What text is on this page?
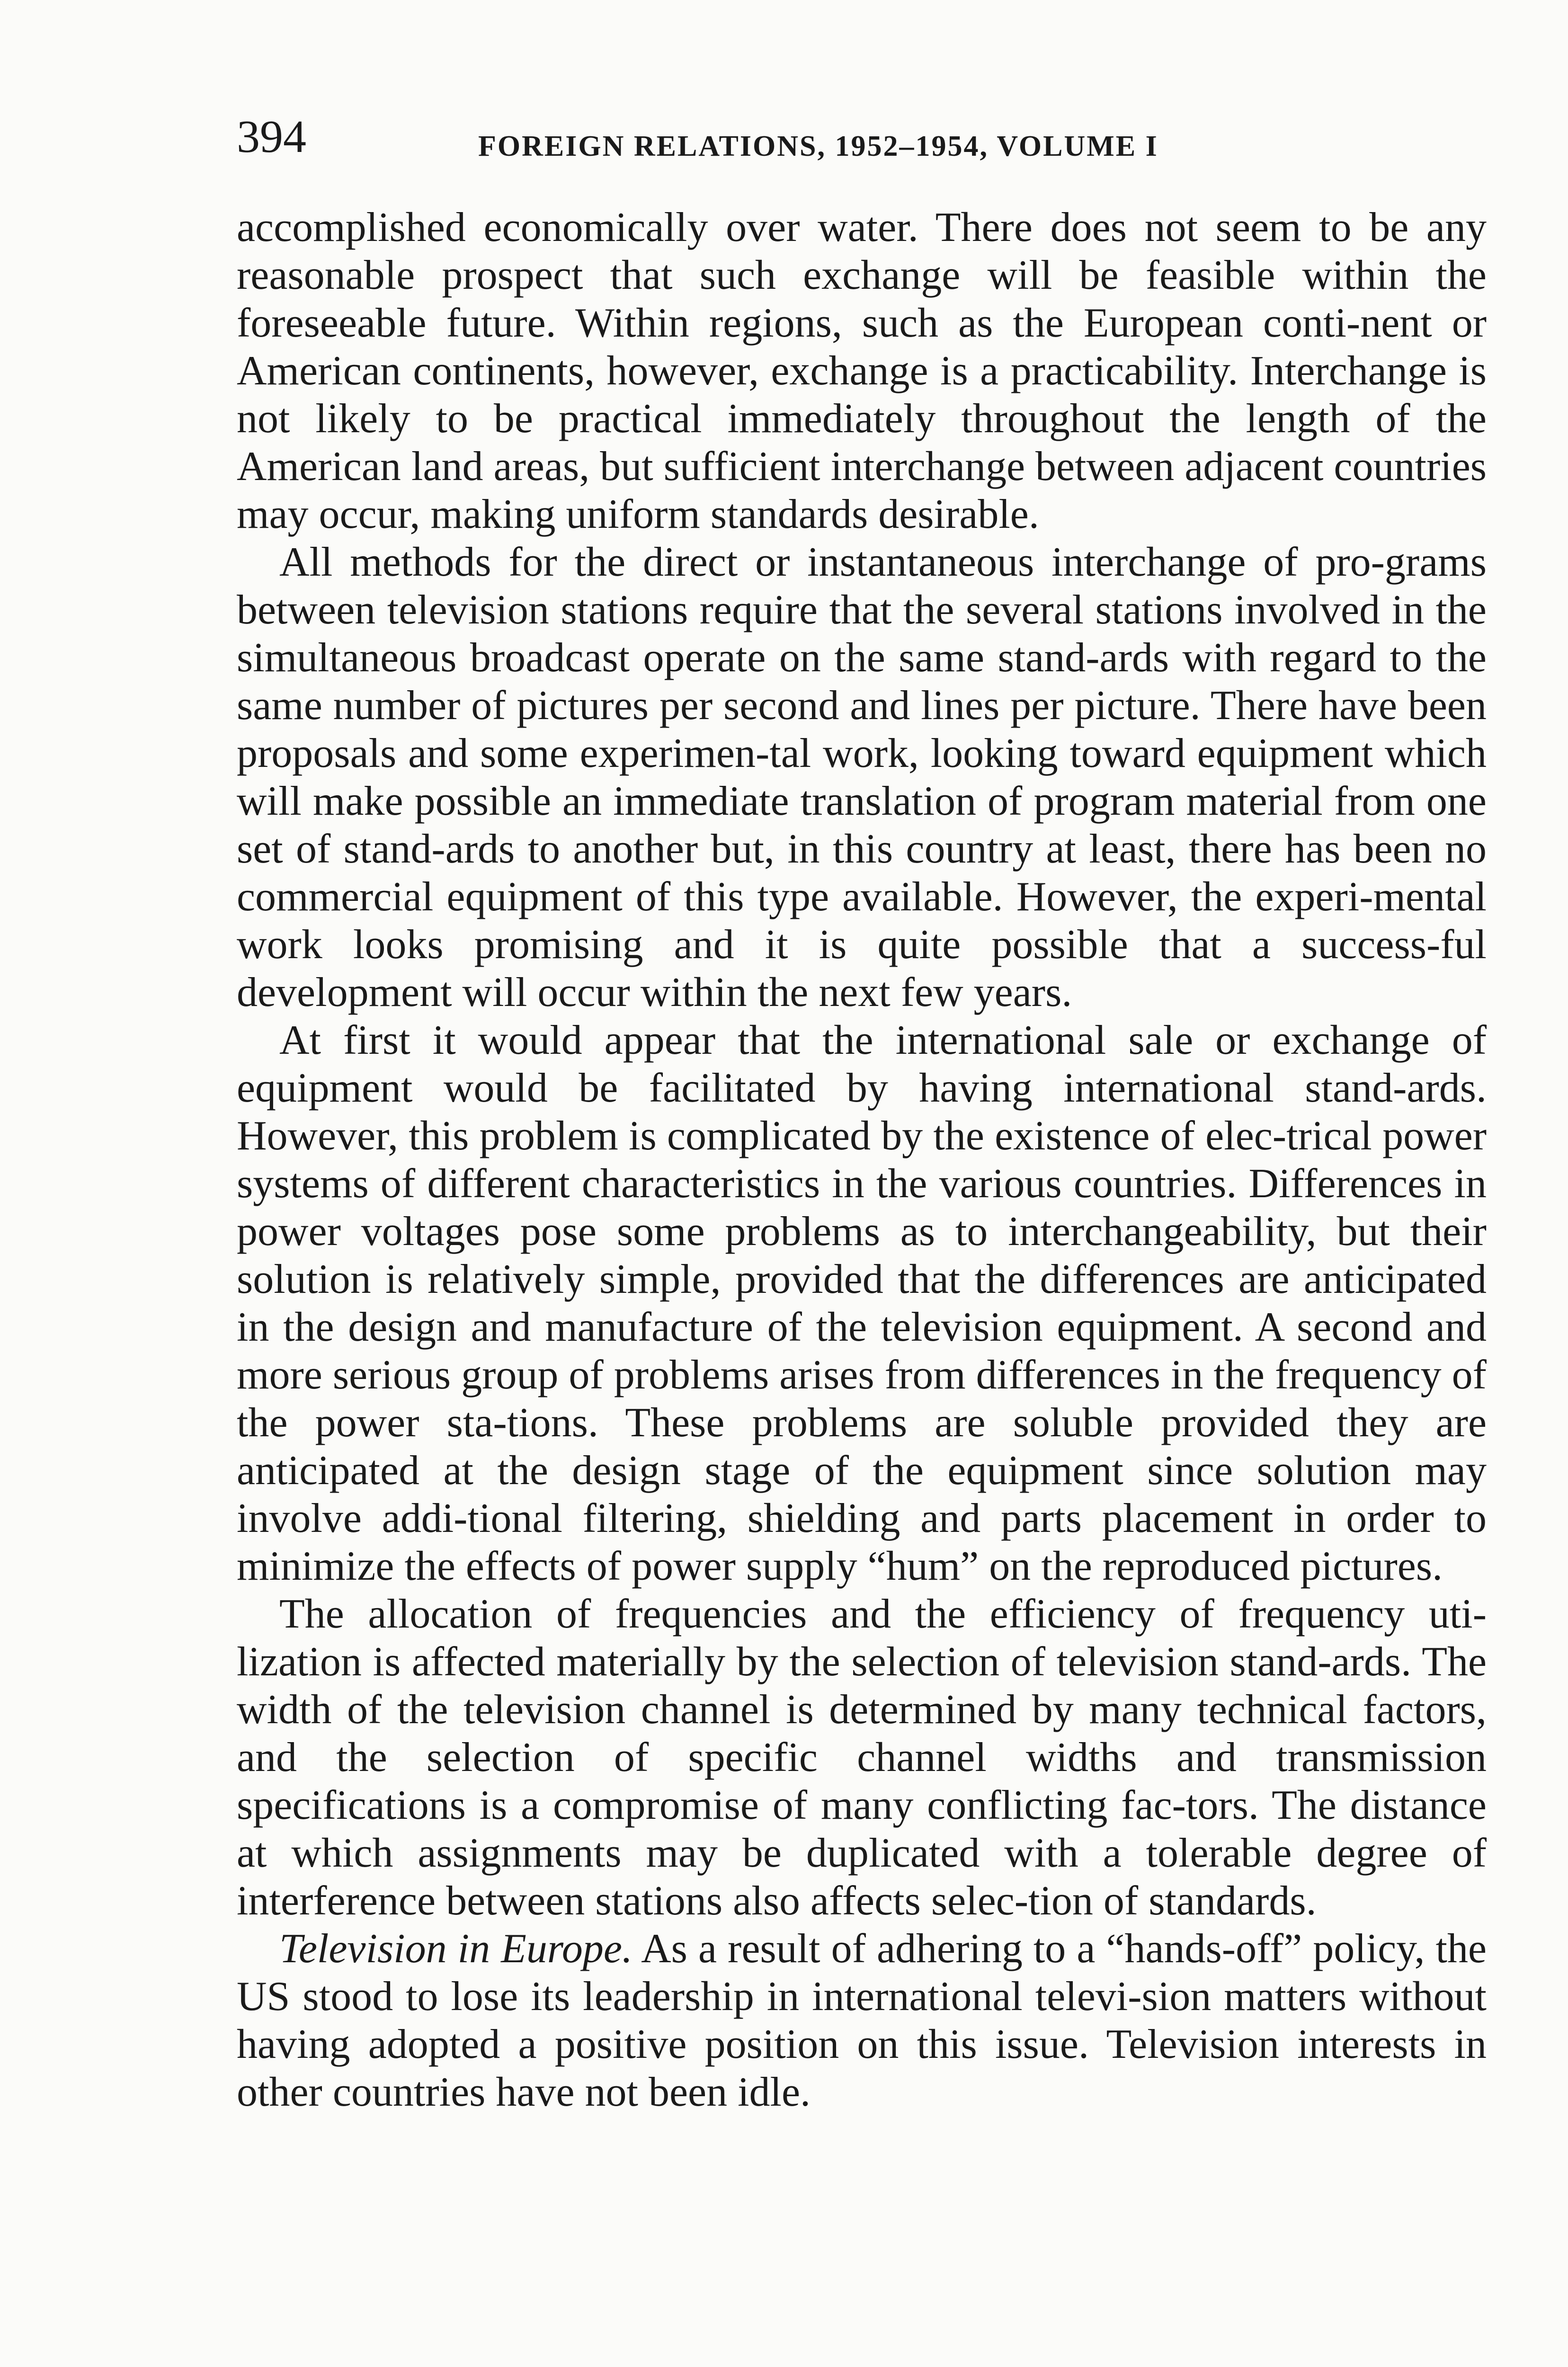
394	FOREIGN RELATIONS, 1952–1954, VOLUME I

accomplished economically over water. There does not seem to be any reasonable prospect that such exchange will be feasible within the foreseeable future. Within regions, such as the European conti-nent or American continents, however, exchange is a practicability. Interchange is not likely to be practical immediately throughout the length of the American land areas, but sufficient interchange between adjacent countries may occur, making uniform standards desirable.

All methods for the direct or instantaneous interchange of pro-grams between television stations require that the several stations involved in the simultaneous broadcast operate on the same stand-ards with regard to the same number of pictures per second and lines per picture. There have been proposals and some experimen-tal work, looking toward equipment which will make possible an immediate translation of program material from one set of stand-ards to another but, in this country at least, there has been no commercial equipment of this type available. However, the experi-mental work looks promising and it is quite possible that a success-ful development will occur within the next few years.

At first it would appear that the international sale or exchange of equipment would be facilitated by having international stand-ards. However, this problem is complicated by the existence of elec-trical power systems of different characteristics in the various countries. Differences in power voltages pose some problems as to interchangeability, but their solution is relatively simple, provided that the differences are anticipated in the design and manufacture of the television equipment. A second and more serious group of problems arises from differences in the frequency of the power sta-tions. These problems are soluble provided they are anticipated at the design stage of the equipment since solution may involve addi-tional filtering, shielding and parts placement in order to minimize the effects of power supply “hum” on the reproduced pictures.

The allocation of frequencies and the efficiency of frequency uti-lization is affected materially by the selection of television stand-ards. The width of the television channel is determined by many technical factors, and the selection of specific channel widths and transmission specifications is a compromise of many conflicting fac-tors. The distance at which assignments may be duplicated with a tolerable degree of interference between stations also affects selec-tion of standards.

Television in Europe. As a result of adhering to a “hands-off” policy, the US stood to lose its leadership in international televi-sion matters without having adopted a positive position on this issue. Television interests in other countries have not been idle.
